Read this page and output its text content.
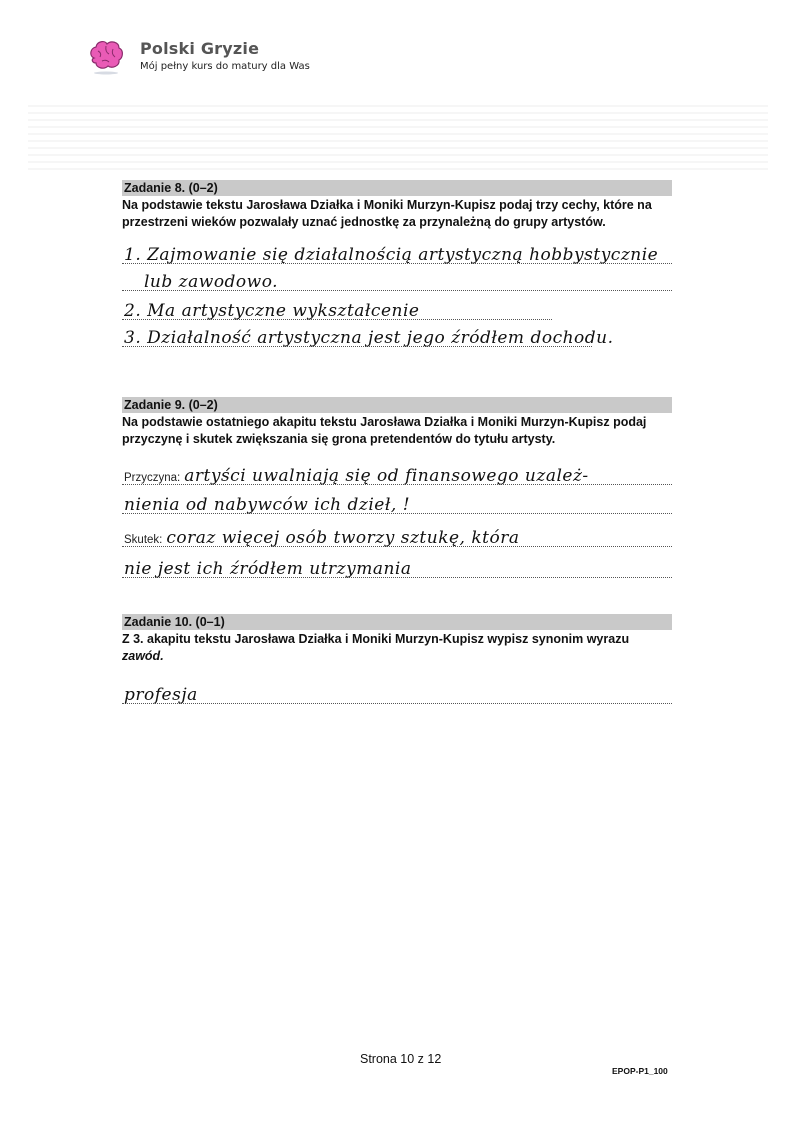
Polski Gryzie
Mój pełny kurs do matury dla Was
Zadanie 8. (0–2)
Na podstawie tekstu Jarosława Działka i Moniki Murzyn-Kupisz podaj trzy cechy, które na przestrzeni wieków pozwalały uznać jednostkę za przynależną do grupy artystów.
1. Zajmowanie się działalnością artystyczną hobbystycznie
lub zawodowo.
2. Ma artystyczne wykształcenie
3. Działalność artystyczna jest jego źródłem dochodu.
Zadanie 9. (0–2)
Na podstawie ostatniego akapitu tekstu Jarosława Działka i Moniki Murzyn-Kupisz podaj przyczynę i skutek zwiększania się grona pretendentów do tytułu artysty.
Przyczyna: artyści uwalniają się od finansowego uzależ-
nienia od nabywców ich dzieł, !
Skutek: coraz więcej osób tworzy sztukę, która
nie jest ich źródłem utrzymania
Zadanie 10. (0–1)
Z 3. akapitu tekstu Jarosława Działka i Moniki Murzyn-Kupisz wypisz synonim wyrazu
zawód.
profesja
Strona 10 z 12
EPOP-P1_100
